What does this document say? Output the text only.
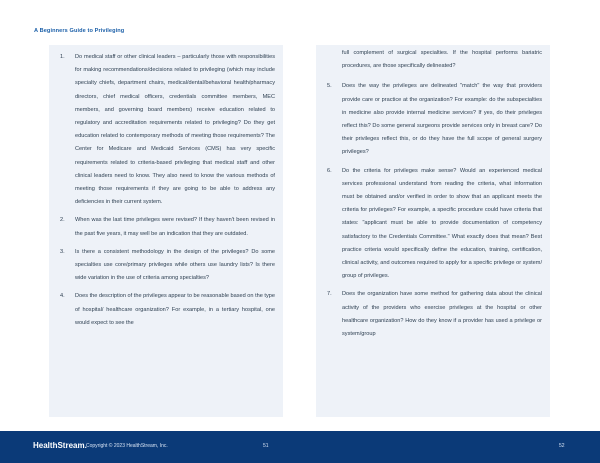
A Beginners Guide to Privileging
1. Do medical staff or other clinical leaders – particularly those with responsibilities for making recommendations/decisions related to privileging (which may include specialty chiefs, department chairs, medical/dental/behavioral health/pharmacy directors, chief medical officers, credentials committee members, MEC members, and governing board members) receive education related to regulatory and accreditation requirements related to privileging? Do they get education related to contemporary methods of meeting those requirements? The Center for Medicare and Medicaid Services (CMS) has very specific requirements related to criteria-based privileging that medical staff and other clinical leaders need to know. They also need to know the various methods of meeting those requirements if they are going to be able to address any deficiencies in their current system.
2. When was the last time privileges were revised? If they haven't been revised in the past five years, it may well be an indication that they are outdated.
3. Is there a consistent methodology in the design of the privileges? Do some specialties use core/primary privileges while others use laundry lists? Is there wide variation in the use of criteria among specialties?
4. Does the description of the privileges appear to be reasonable based on the type of hospital/ healthcare organization? For example, in a tertiary hospital, one would expect to see the
full complement of surgical specialties. If the hospital performs bariatric procedures, are those specifically delineated?
5. Does the way the privileges are delineated "match" the way that providers provide care or practice at the organization? For example: do the subspecialties in medicine also provide internal medicine services? If yes, do their privileges reflect this? Do some general surgeons provide services only in breast care? Do their privileges reflect this, or do they have the full scope of general surgery privileges?
6. Do the criteria for privileges make sense? Would an experienced medical services professional understand from reading the criteria, what information must be obtained and/or verified in order to show that an applicant meets the criteria for privileges? For example, a specific procedure could have criteria that states: "applicant must be able to provide documentation of competency satisfactory to the Credentials Committee." What exactly does that mean? Best practice criteria would specifically define the education, training, certification, clinical activity, and outcomes required to apply for a specific privilege or system/ group of privileges.
7. Does the organization have some method for gathering data about the clinical activity of the providers who exercise privileges at the hospital or other healthcare organization? How do they know if a provider has used a privilege or system/group
HealthStream. Copyright © 2023 HealthStream, Inc.	51	52
